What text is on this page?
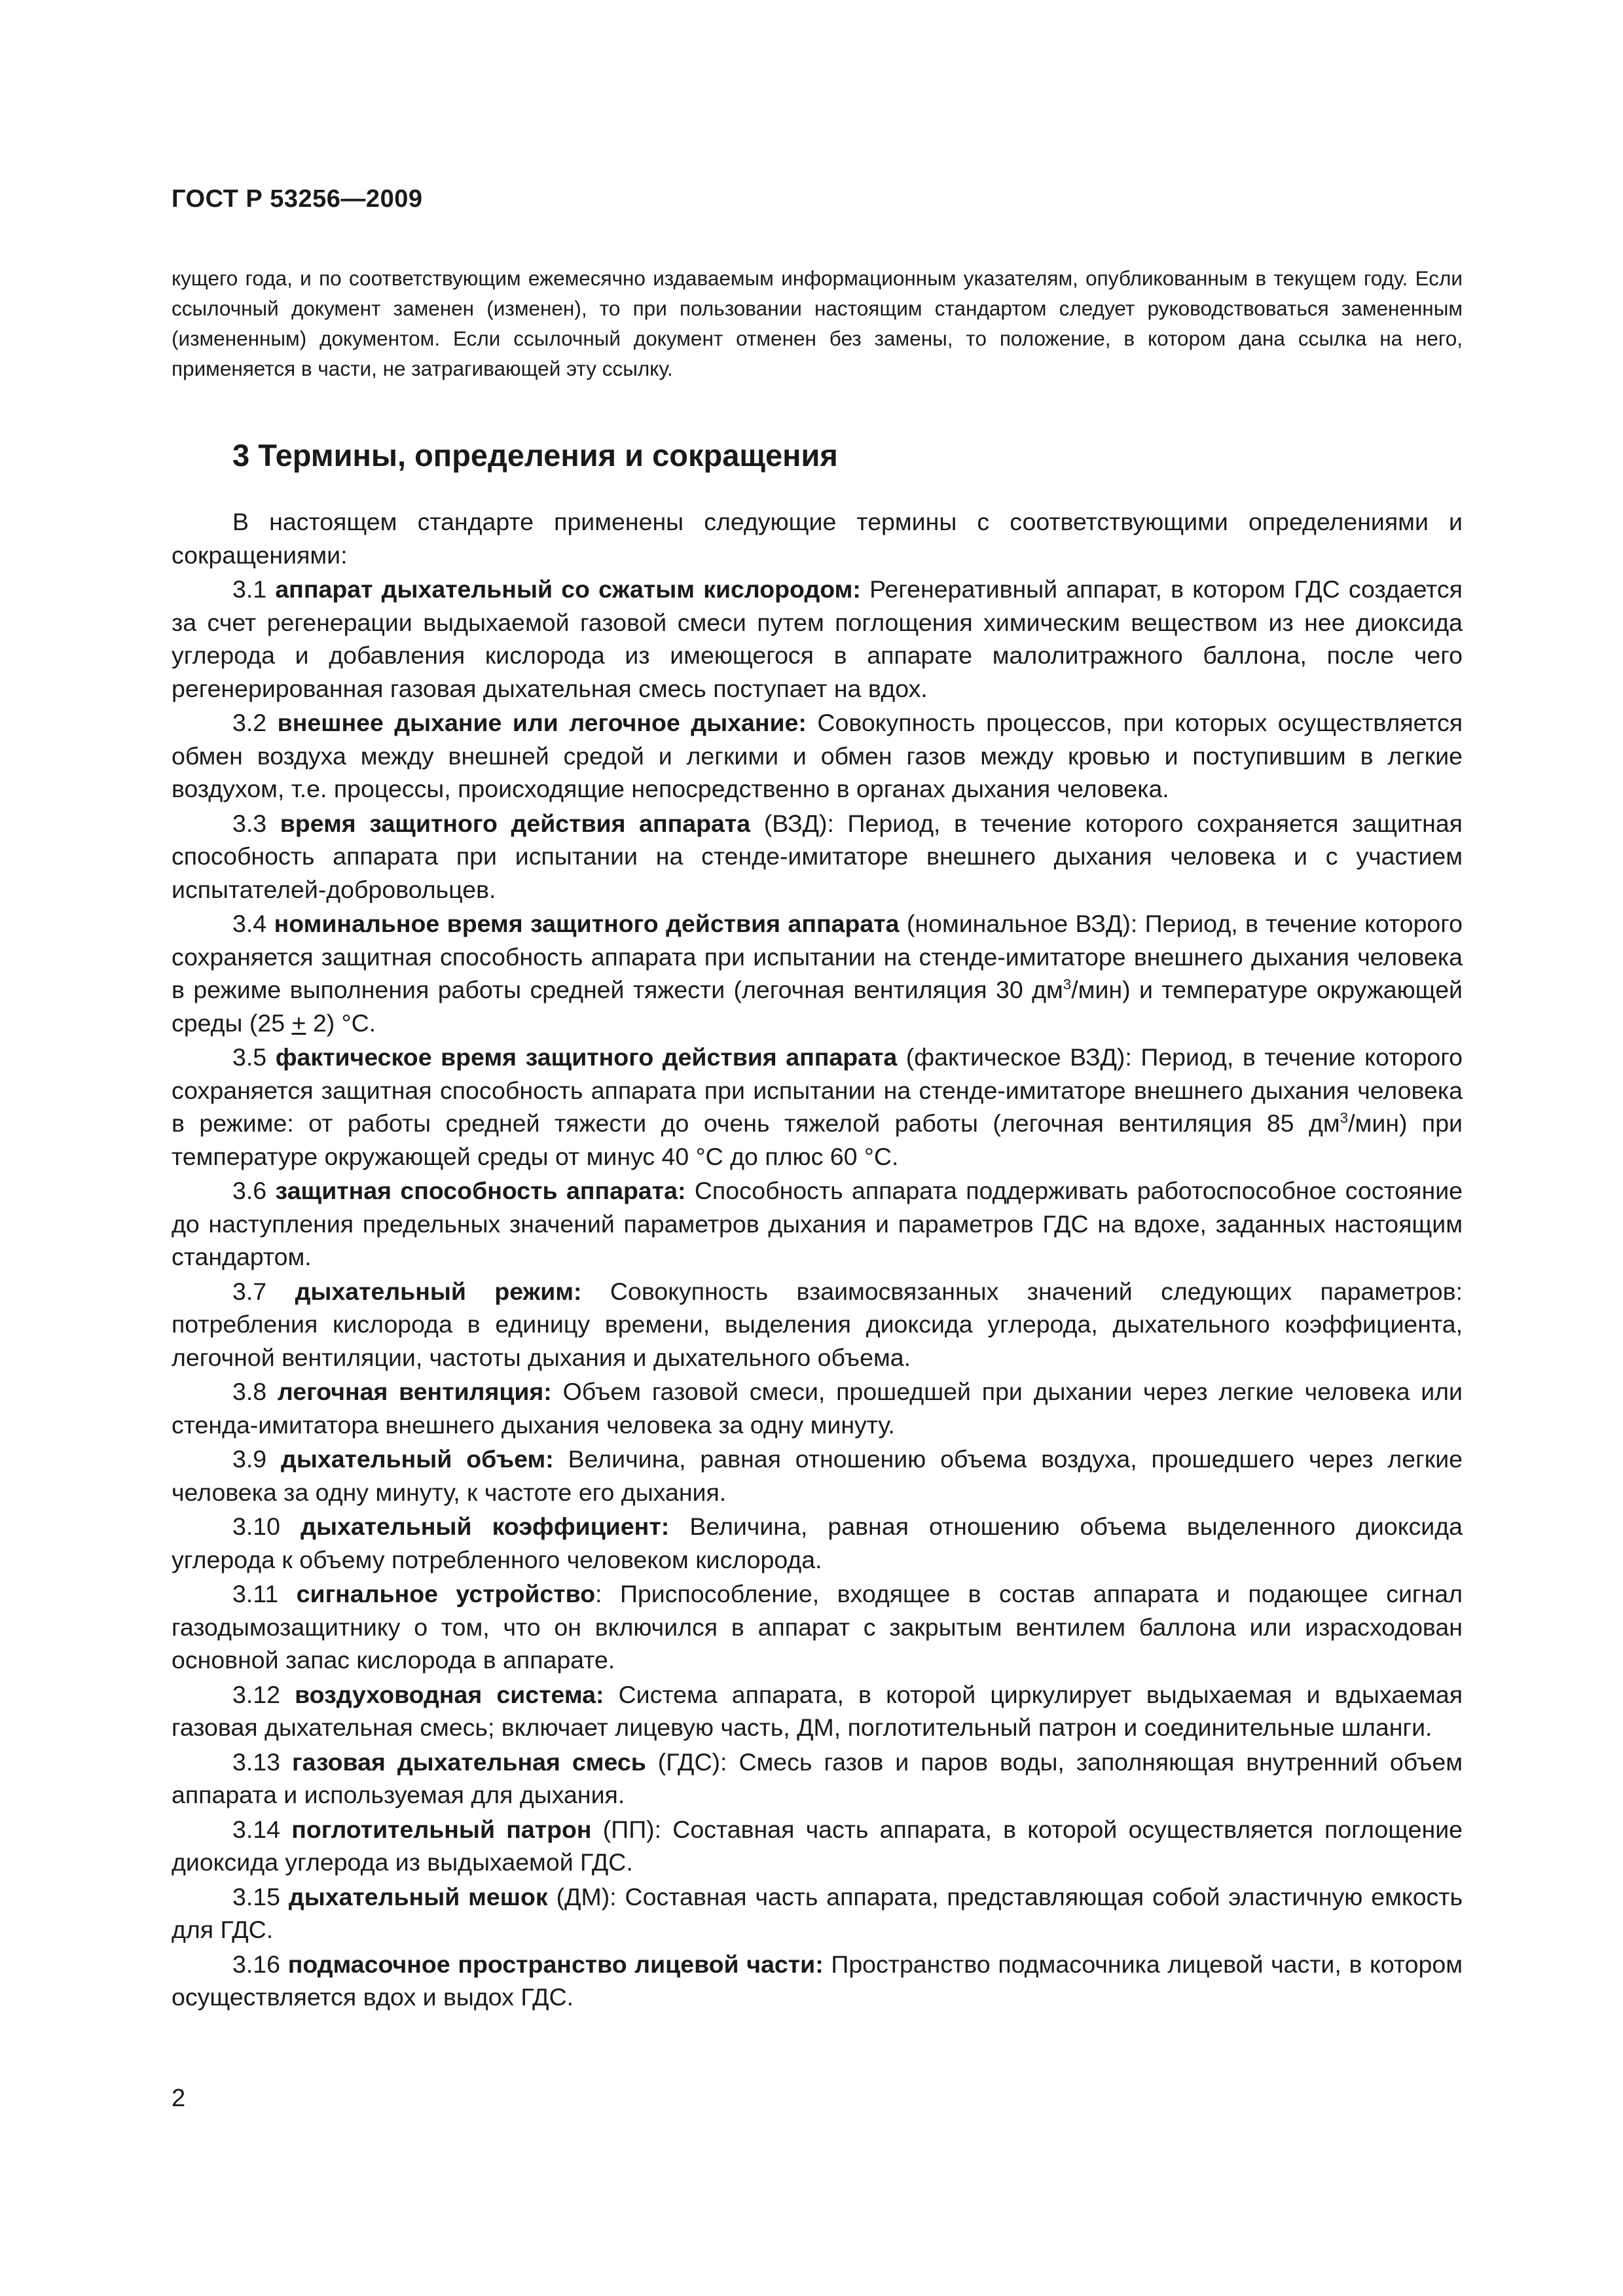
ГОСТ Р 53256—2009

кущего года, и по соответствующим ежемесячно издаваемым информационным указателям, опубликованным в текущем году. Если ссылочный документ заменен (изменен), то при пользовании настоящим стандартом следует руководствоваться замененным (измененным) документом. Если ссылочный документ отменен без замены, то положение, в котором дана ссылка на него, применяется в части, не затрагивающей эту ссылку.

3 Термины, определения и сокращения

В настоящем стандарте применены следующие термины с соответствующими определениями и сокращениями:

3.1 аппарат дыхательный со сжатым кислородом: Регенеративный аппарат, в котором ГДС создается за счет регенерации выдыхаемой газовой смеси путем поглощения химическим веществом из нее диоксида углерода и добавления кислорода из имеющегося в аппарате малолитражного баллона, после чего регенерированная газовая дыхательная смесь поступает на вдох.

3.2 внешнее дыхание или легочное дыхание: Совокупность процессов, при которых осуществляется обмен воздуха между внешней средой и легкими и обмен газов между кровью и поступившим в легкие воздухом, т.е. процессы, происходящие непосредственно в органах дыхания человека.

3.3 время защитного действия аппарата (ВЗД): Период, в течение которого сохраняется защитная способность аппарата при испытании на стенде-имитаторе внешнего дыхания человека и с участием испытателей-добровольцев.

3.4 номинальное время защитного действия аппарата (номинальное ВЗД): Период, в течение которого сохраняется защитная способность аппарата при испытании на стенде-имитаторе внешнего дыхания человека в режиме выполнения работы средней тяжести (легочная вентиляция 30 $дм^3/мин$) и температуре окружающей среды (25 + 2) °С.

3.5 фактическое время защитного действия аппарата (фактическое ВЗД): Период, в течение которого сохраняется защитная способность аппарата при испытании на стенде-имитаторе внешнего дыхания человека в режиме: от работы средней тяжести до очень тяжелой работы (легочная вентиляция 85 $дм^3/мин$) при температуре окружающей среды от минус 40 °С до плюс 60 °С.

3.6 защитная способность аппарата: Способность аппарата поддерживать работоспособное состояние до наступления предельных значений параметров дыхания и параметров ГДС на вдохе, заданных настоящим стандартом.

3.7 дыхательный режим: Совокупность взаимосвязанных значений следующих параметров: потребления кислорода в единицу времени, выделения диоксида углерода, дыхательного коэффициента, легочной вентиляции, частоты дыхания и дыхательного объема.

3.8 легочная вентиляция: Объем газовой смеси, прошедшей при дыхании через легкие человека или стенда-имитатора внешнего дыхания человека за одну минуту.

3.9 дыхательный объем: Величина, равная отношению объема воздуха, прошедшего через легкие человека за одну минуту, к частоте его дыхания.

3.10 дыхательный коэффициент: Величина, равная отношению объема выделенного диоксида углерода к объему потребленного человеком кислорода.

3.11 сигнальное устройство: Приспособление, входящее в состав аппарата и подающее сигнал газодымозащитнику о том, что он включился в аппарат с закрытым вентилем баллона или израсходован основной запас кислорода в аппарате.

3.12 воздуховодная система: Система аппарата, в которой циркулирует выдыхаемая и вдыхаемая газовая дыхательная смесь; включает лицевую часть, ДМ, поглотительный патрон и соединительные шланги.

3.13 газовая дыхательная смесь (ГДС): Смесь газов и паров воды, заполняющая внутренний объем аппарата и используемая для дыхания.

3.14 поглотительный патрон (ПП): Составная часть аппарата, в которой осуществляется поглощение диоксида углерода из выдыхаемой ГДС.

3.15 дыхательный мешок (ДМ): Составная часть аппарата, представляющая собой эластичную емкость для ГДС.

3.16 подмасочное пространство лицевой части: Пространство подмасочника лицевой части, в котором осуществляется вдох и выдох ГДС.

2
